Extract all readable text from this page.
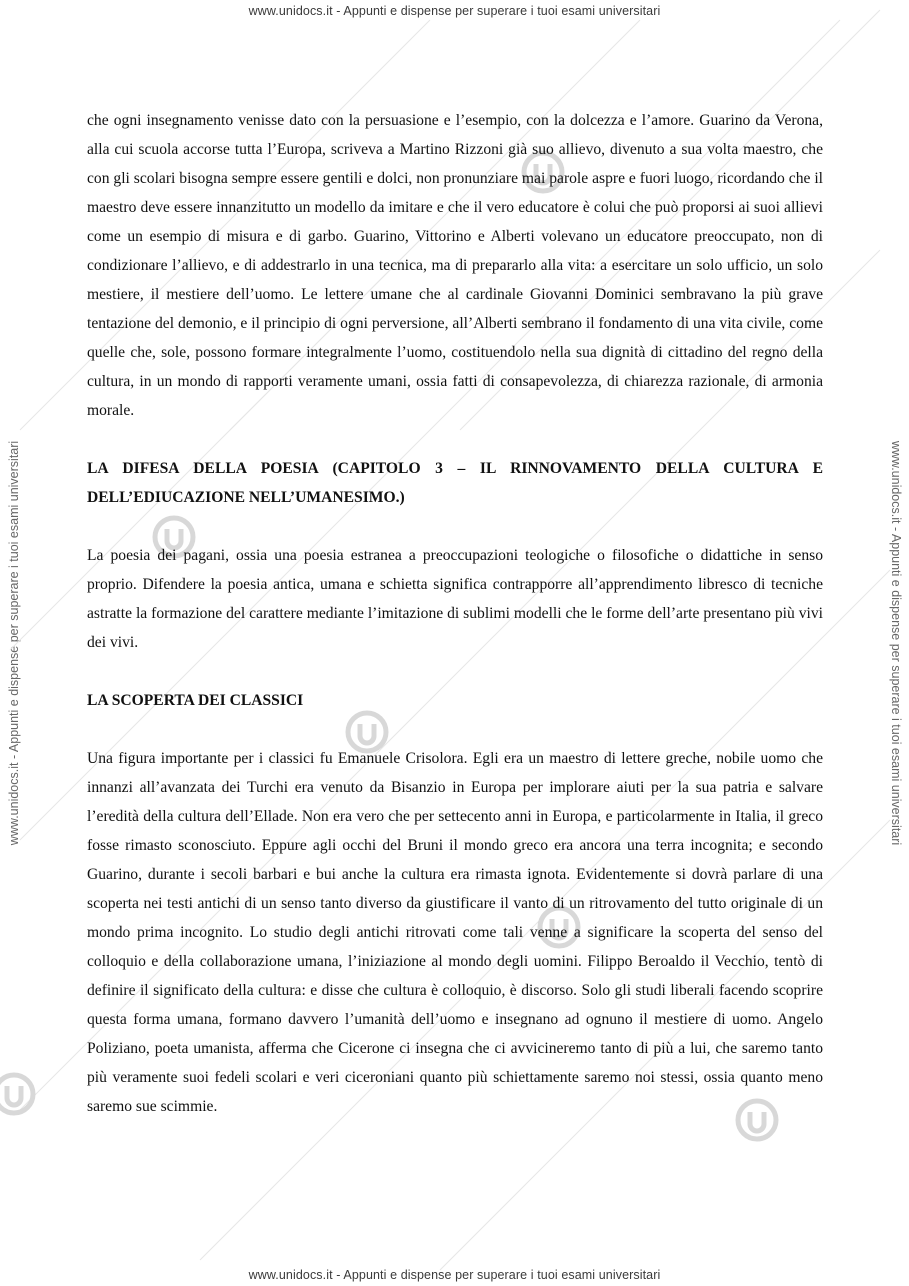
www.unidocs.it - Appunti e dispense per superare i tuoi esami universitari
www.unidocs.it - Appunti e dispense per superare i tuoi esami universitari	www.unidocs.it - Appunti e dispense per superare i tuoi esami universitari

che ogni insegnamento venisse dato con la persuasione e l’esempio, con la dolcezza e l’amore. Guarino da Verona, alla cui scuola accorse tutta l’Europa, scriveva a Martino Rizzoni già suo allievo, divenuto a sua volta maestro, che con gli scolari bisogna sempre essere gentili e dolci, non pronunziare mai parole aspre e fuori luogo, ricordando che il maestro deve essere innanzitutto un modello da imitare e che il vero educatore è colui che può proporsi ai suoi allievi come un esempio di misura e di garbo. Guarino, Vittorino e Alberti volevano un educatore preoccupato, non di condizionare l’allievo, e di addestrarlo in una tecnica, ma di prepararlo alla vita: a esercitare un solo ufficio, un solo mestiere, il mestiere dell’uomo. Le lettere umane che al cardinale Giovanni Dominici sembravano la più grave tentazione del demonio, e il principio di ogni perversione, all’Alberti sembrano il fondamento di una vita civile, come quelle che, sole, possono formare integralmente l’uomo, costituendolo nella sua dignità di cittadino del regno della cultura, in un mondo di rapporti veramente umani, ossia fatti di consapevolezza, di chiarezza razionale, di armonia morale.

LA DIFESA DELLA POESIA (CAPITOLO 3 – IL RINNOVAMENTO DELLA CULTURA E DELL’EDIUCAZIONE NELL’UMANESIMO.)

La poesia dei pagani, ossia una poesia estranea a preoccupazioni teologiche o filosofiche o didattiche in senso proprio. Difendere la poesia antica, umana e schietta significa contrapporre all’apprendimento libresco di tecniche astratte la formazione del carattere mediante l’imitazione di sublimi modelli che le forme dell’arte presentano più vivi dei vivi.

LA SCOPERTA DEI CLASSICI

Una figura importante per i classici fu Emanuele Crisolora. Egli era un maestro di lettere greche, nobile uomo che innanzi all’avanzata dei Turchi era venuto da Bisanzio in Europa per implorare aiuti per la sua patria e salvare l’eredità della cultura dell’Ellade. Non era vero che per settecento anni in Europa, e particolarmente in Italia, il greco fosse rimasto sconosciuto. Eppure agli occhi del Bruni il mondo greco era ancora una terra incognita; e secondo Guarino, durante i secoli barbari e bui anche la cultura era rimasta ignota. Evidentemente si dovrà parlare di una scoperta nei testi antichi di un senso tanto diverso da giustificare il vanto di un ritrovamento del tutto originale di un mondo prima incognito. Lo studio degli antichi ritrovati come tali venne a significare la scoperta del senso del colloquio e della collaborazione umana, l’iniziazione al mondo degli uomini. Filippo Beroaldo il Vecchio, tentò di definire il significato della cultura: e disse che cultura è colloquio, è discorso. Solo gli studi liberali facendo scoprire questa forma umana, formano davvero l’umanità dell’uomo e insegnano ad ognuno il mestiere di uomo. Angelo Poliziano, poeta umanista, afferma che Cicerone ci insegna che ci avvicineremo tanto di più a lui, che saremo tanto più veramente suoi fedeli scolari e veri ciceroniani quanto più schiettamente saremo noi stessi, ossia quanto meno saremo sue scimmie.

www.unidocs.it - Appunti e dispense per superare i tuoi esami universitari
